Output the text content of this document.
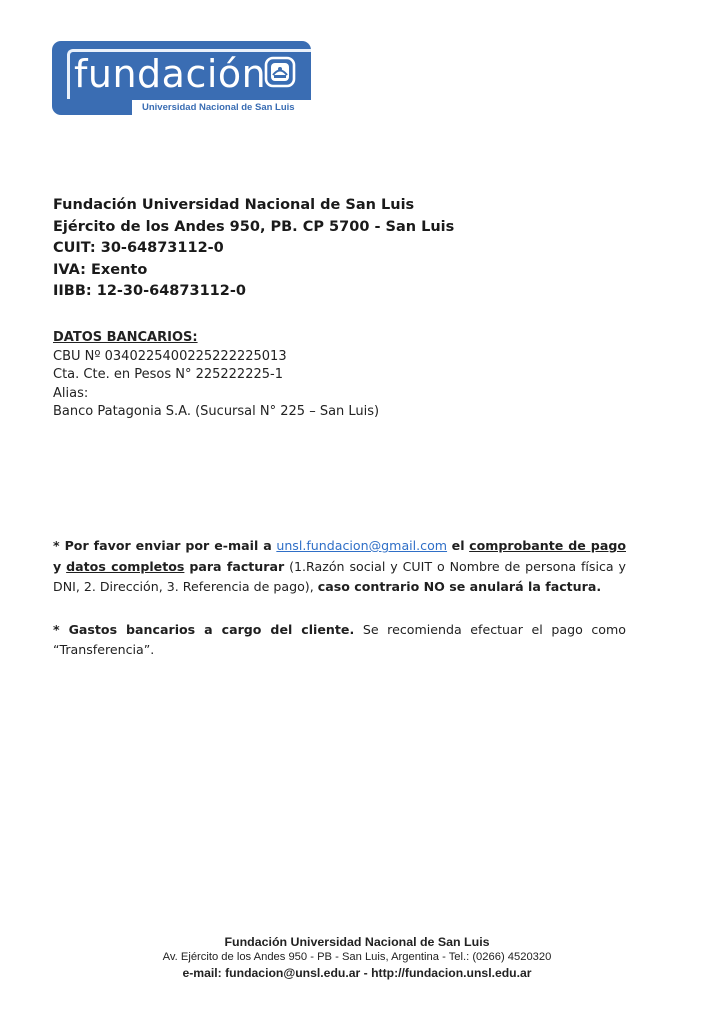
fundación
Universidad Nacional de San Luis
Fundación Universidad Nacional de San Luis
Ejército de los Andes 950, PB. CP 5700 - San Luis
CUIT: 30-64873112-0
IVA: Exento
IIBB: 12-30-64873112-0
DATOS BANCARIOS:
CBU Nº 0340225400225222225013
Cta. Cte. en Pesos N° 225222225-1
Alias:
Banco Patagonia S.A. (Sucursal N° 225 – San Luis)

* Por favor enviar por e-mail a unsl.fundacion@gmail.com el comprobante de pago y datos completos para facturar (1.Razón social y CUIT o Nombre de persona física y DNI, 2. Dirección, 3. Referencia de pago), caso contrario NO se anulará la factura.

* Gastos bancarios a cargo del cliente. Se recomienda efectuar el pago como “Transferencia”.

Fundación Universidad Nacional de San Luis
Av. Ejército de los Andes 950 - PB - San Luis, Argentina - Tel.: (0266) 4520320
e-mail: fundacion@unsl.edu.ar - http://fundacion.unsl.edu.ar
